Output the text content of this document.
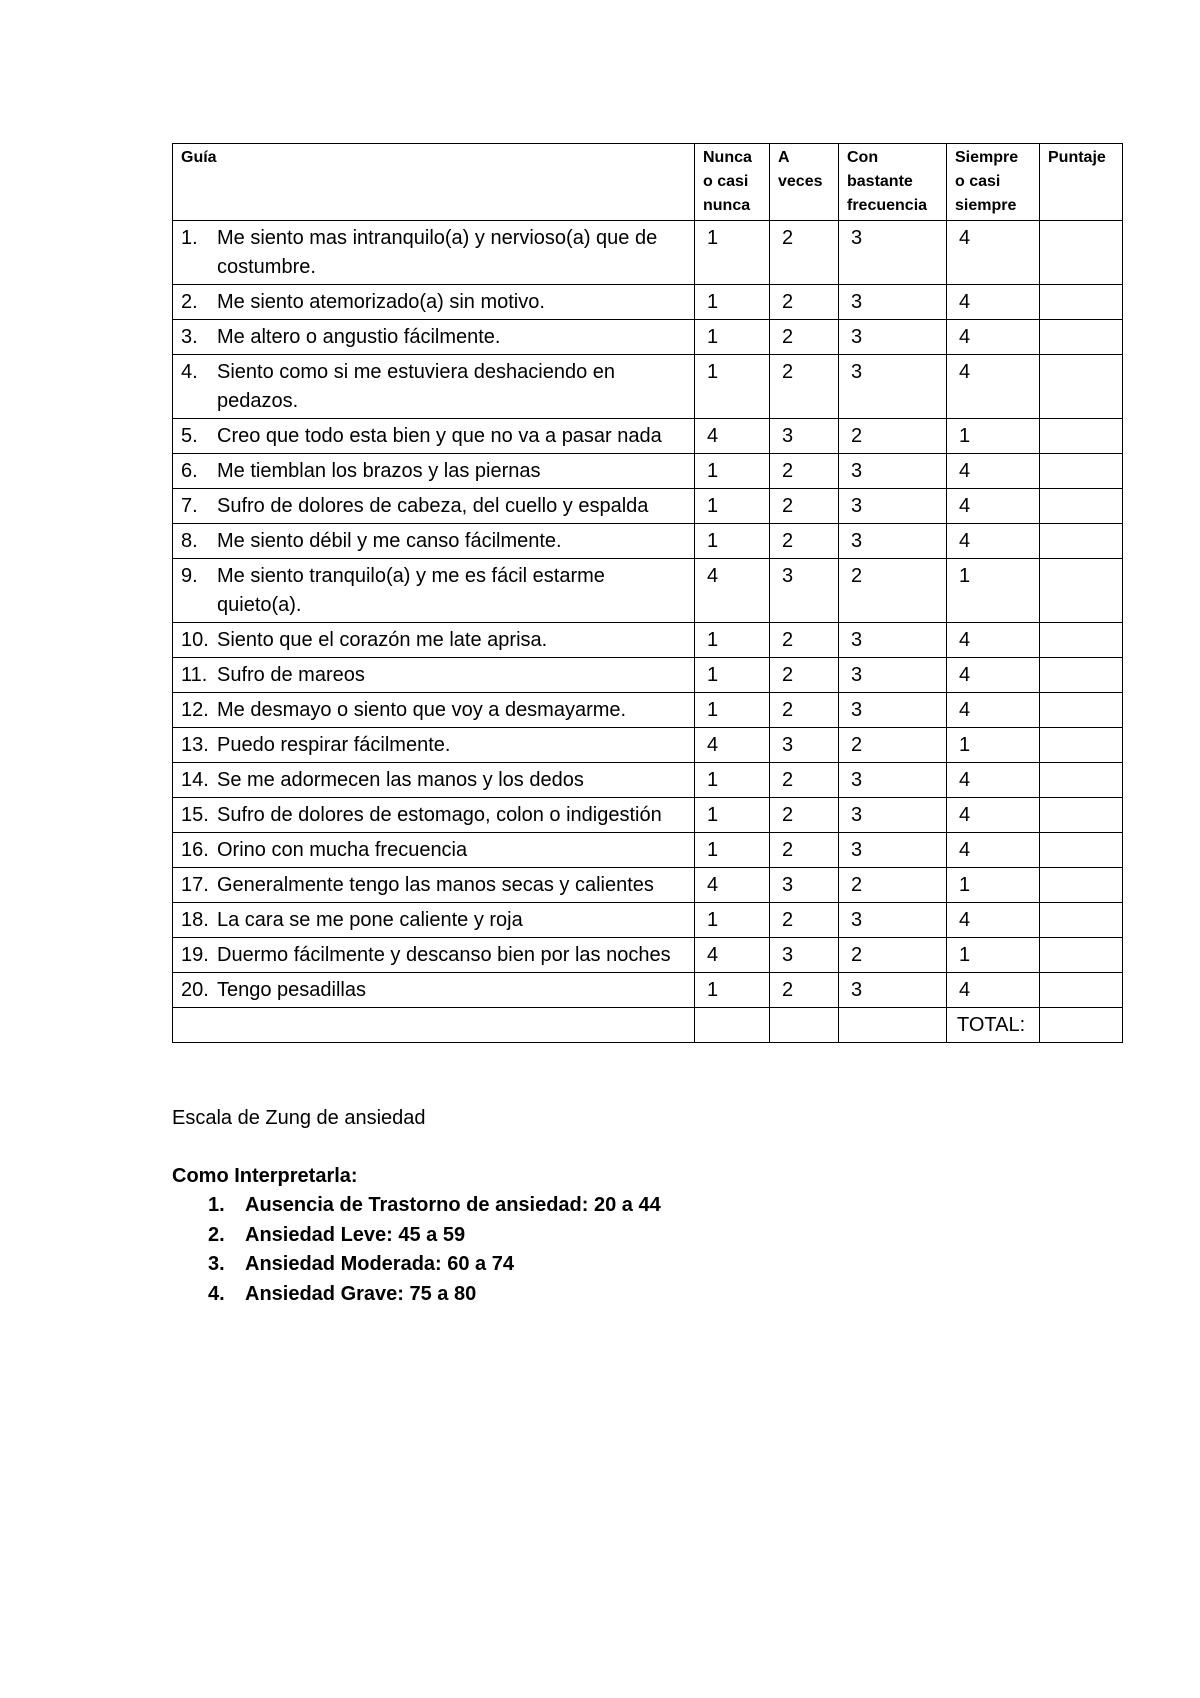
Guía	Nunca o casi nunca	A veces	Con bastante frecuencia	Siempre o casi siempre	Puntaje

1. Me siento mas intranquilo(a) y nervioso(a) que de costumbre.	1	2	3	4	

2. Me siento atemorizado(a) sin motivo.	1	2	3	4	

3. Me altero o angustio fácilmente.	1	2	3	4	

4. Siento como si me estuviera deshaciendo en pedazos.	1	2	3	4	

5. Creo que todo esta bien y que no va a pasar nada	4	3	2	1	

6. Me tiemblan los brazos y las piernas	1	2	3	4	

7. Sufro de dolores de cabeza, del cuello y espalda	1	2	3	4	

8. Me siento débil y me canso fácilmente.	1	2	3	4	

9. Me siento tranquilo(a) y me es fácil estarme quieto(a).	4	3	2	1	

10. Siento que el corazón me late aprisa.	1	2	3	4	

11. Sufro de mareos	1	2	3	4	

12. Me desmayo o siento que voy a desmayarme.	1	2	3	4	

13. Puedo respirar fácilmente.	4	3	2	1	

14. Se me adormecen las manos y los dedos	1	2	3	4	

15. Sufro de dolores de estomago, colon o indigestión	1	2	3	4	

16. Orino con mucha frecuencia	1	2	3	4	

17. Generalmente tengo las manos secas y calientes	4	3	2	1	

18. La cara se me pone caliente y roja	1	2	3	4	

19. Duermo fácilmente y descanso bien por las noches	4	3	2	1	

20. Tengo pesadillas	1	2	3	4	
				TOTAL:	
Escala de Zung de ansiedad
Como Interpretarla:
1.	Ausencia de Trastorno de ansiedad: 20 a 44
2.	Ansiedad Leve: 45 a 59
3.	Ansiedad Moderada: 60 a 74
4.	Ansiedad Grave: 75 a 80
